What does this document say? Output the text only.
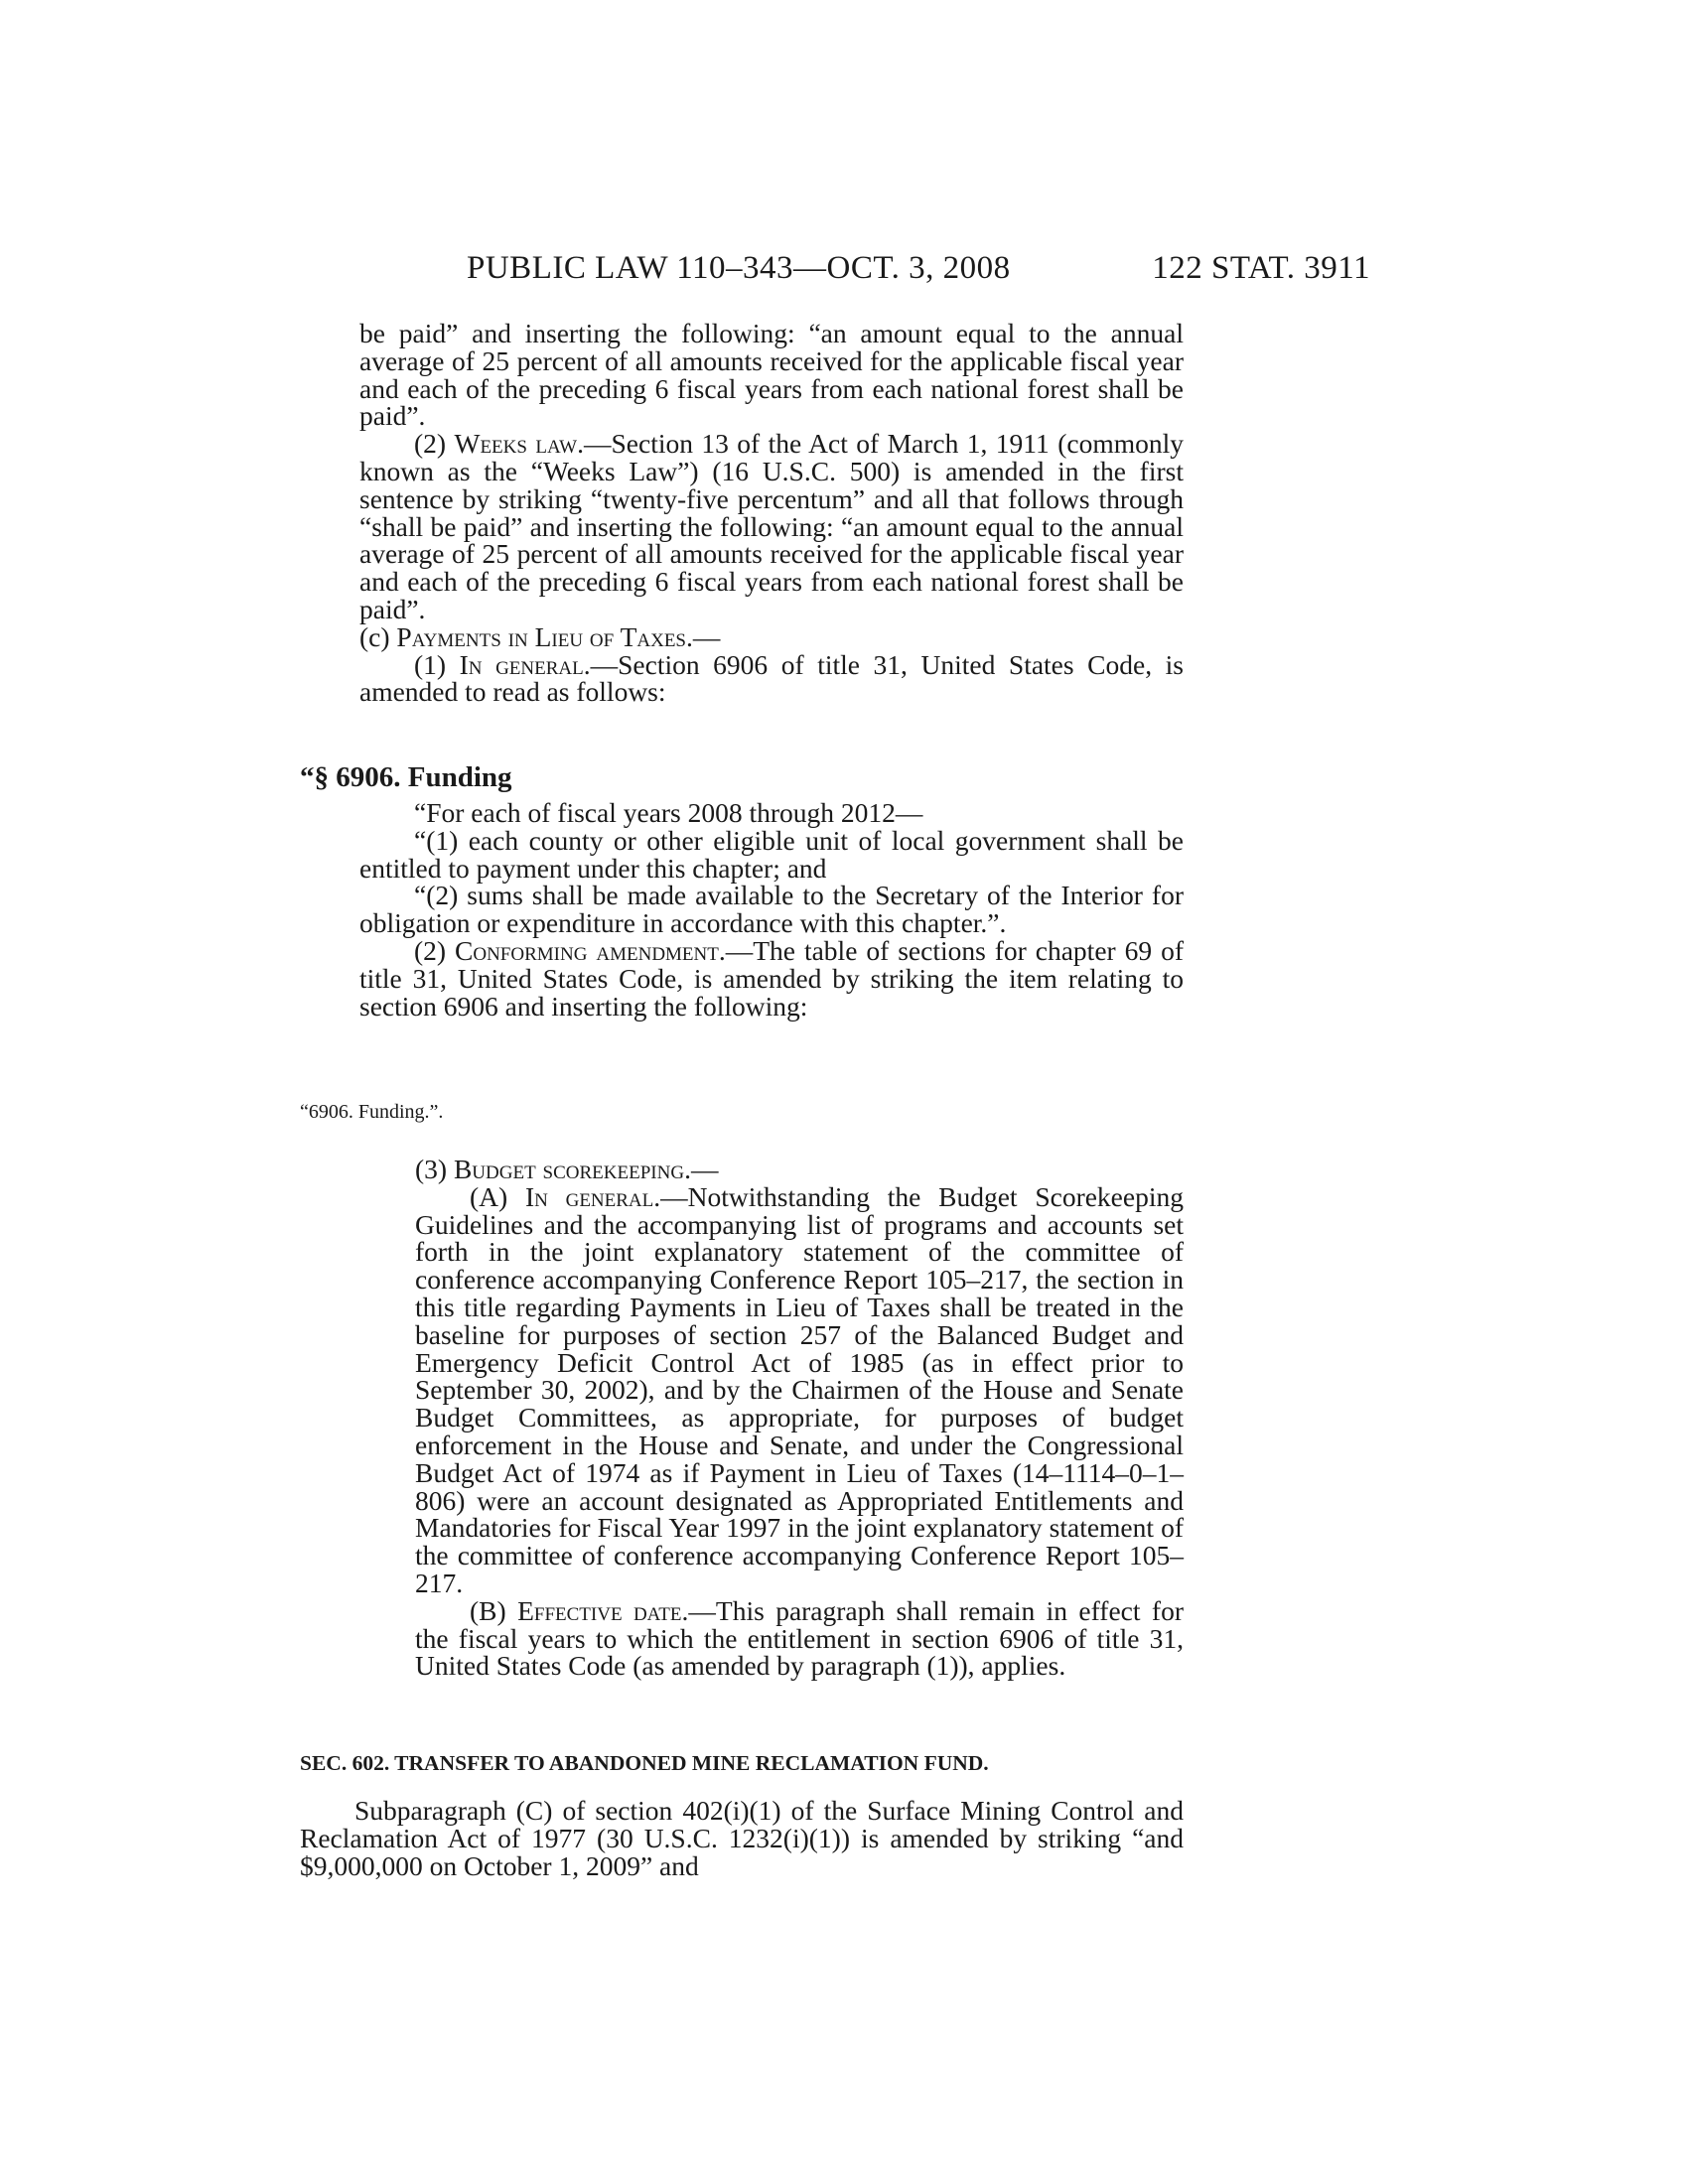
PUBLIC LAW 110–343—OCT. 3, 2008	122 STAT. 3911

be paid” and inserting the following: “an amount equal to the annual average of 25 percent of all amounts received for the applicable fiscal year and each of the preceding 6 fiscal years from each national forest shall be paid”.

(2) Weeks law.—Section 13 of the Act of March 1, 1911 (commonly known as the “Weeks Law”) (16 U.S.C. 500) is amended in the first sentence by striking “twenty-five percentum” and all that follows through “shall be paid” and inserting the following: “an amount equal to the annual average of 25 percent of all amounts received for the applicable fiscal year and each of the preceding 6 fiscal years from each national forest shall be paid”.

(c) Payments in Lieu of Taxes.—

(1) In general.—Section 6906 of title 31, United States Code, is amended to read as follows:

“§ 6906. Funding

“For each of fiscal years 2008 through 2012—

“(1) each county or other eligible unit of local government shall be entitled to payment under this chapter; and

“(2) sums shall be made available to the Secretary of the Interior for obligation or expenditure in accordance with this chapter.”.

(2) Conforming amendment.—The table of sections for chapter 69 of title 31, United States Code, is amended by striking the item relating to section 6906 and inserting the following:

“6906. Funding.”.

(3) Budget scorekeeping.—

(A) In general.—Notwithstanding the Budget Scorekeeping Guidelines and the accompanying list of programs and accounts set forth in the joint explanatory statement of the committee of conference accompanying Conference Report 105–217, the section in this title regarding Payments in Lieu of Taxes shall be treated in the baseline for purposes of section 257 of the Balanced Budget and Emergency Deficit Control Act of 1985 (as in effect prior to September 30, 2002), and by the Chairmen of the House and Senate Budget Committees, as appropriate, for purposes of budget enforcement in the House and Senate, and under the Congressional Budget Act of 1974 as if Payment in Lieu of Taxes (14–1114–0–1–806) were an account designated as Appropriated Entitlements and Mandatories for Fiscal Year 1997 in the joint explanatory statement of the committee of conference accompanying Conference Report 105–217.

(B) Effective date.—This paragraph shall remain in effect for the fiscal years to which the entitlement in section 6906 of title 31, United States Code (as amended by paragraph (1)), applies.

SEC. 602. TRANSFER TO ABANDONED MINE RECLAMATION FUND.

Subparagraph (C) of section 402(i)(1) of the Surface Mining Control and Reclamation Act of 1977 (30 U.S.C. 1232(i)(1)) is amended by striking “and $9,000,000 on October 1, 2009” and
